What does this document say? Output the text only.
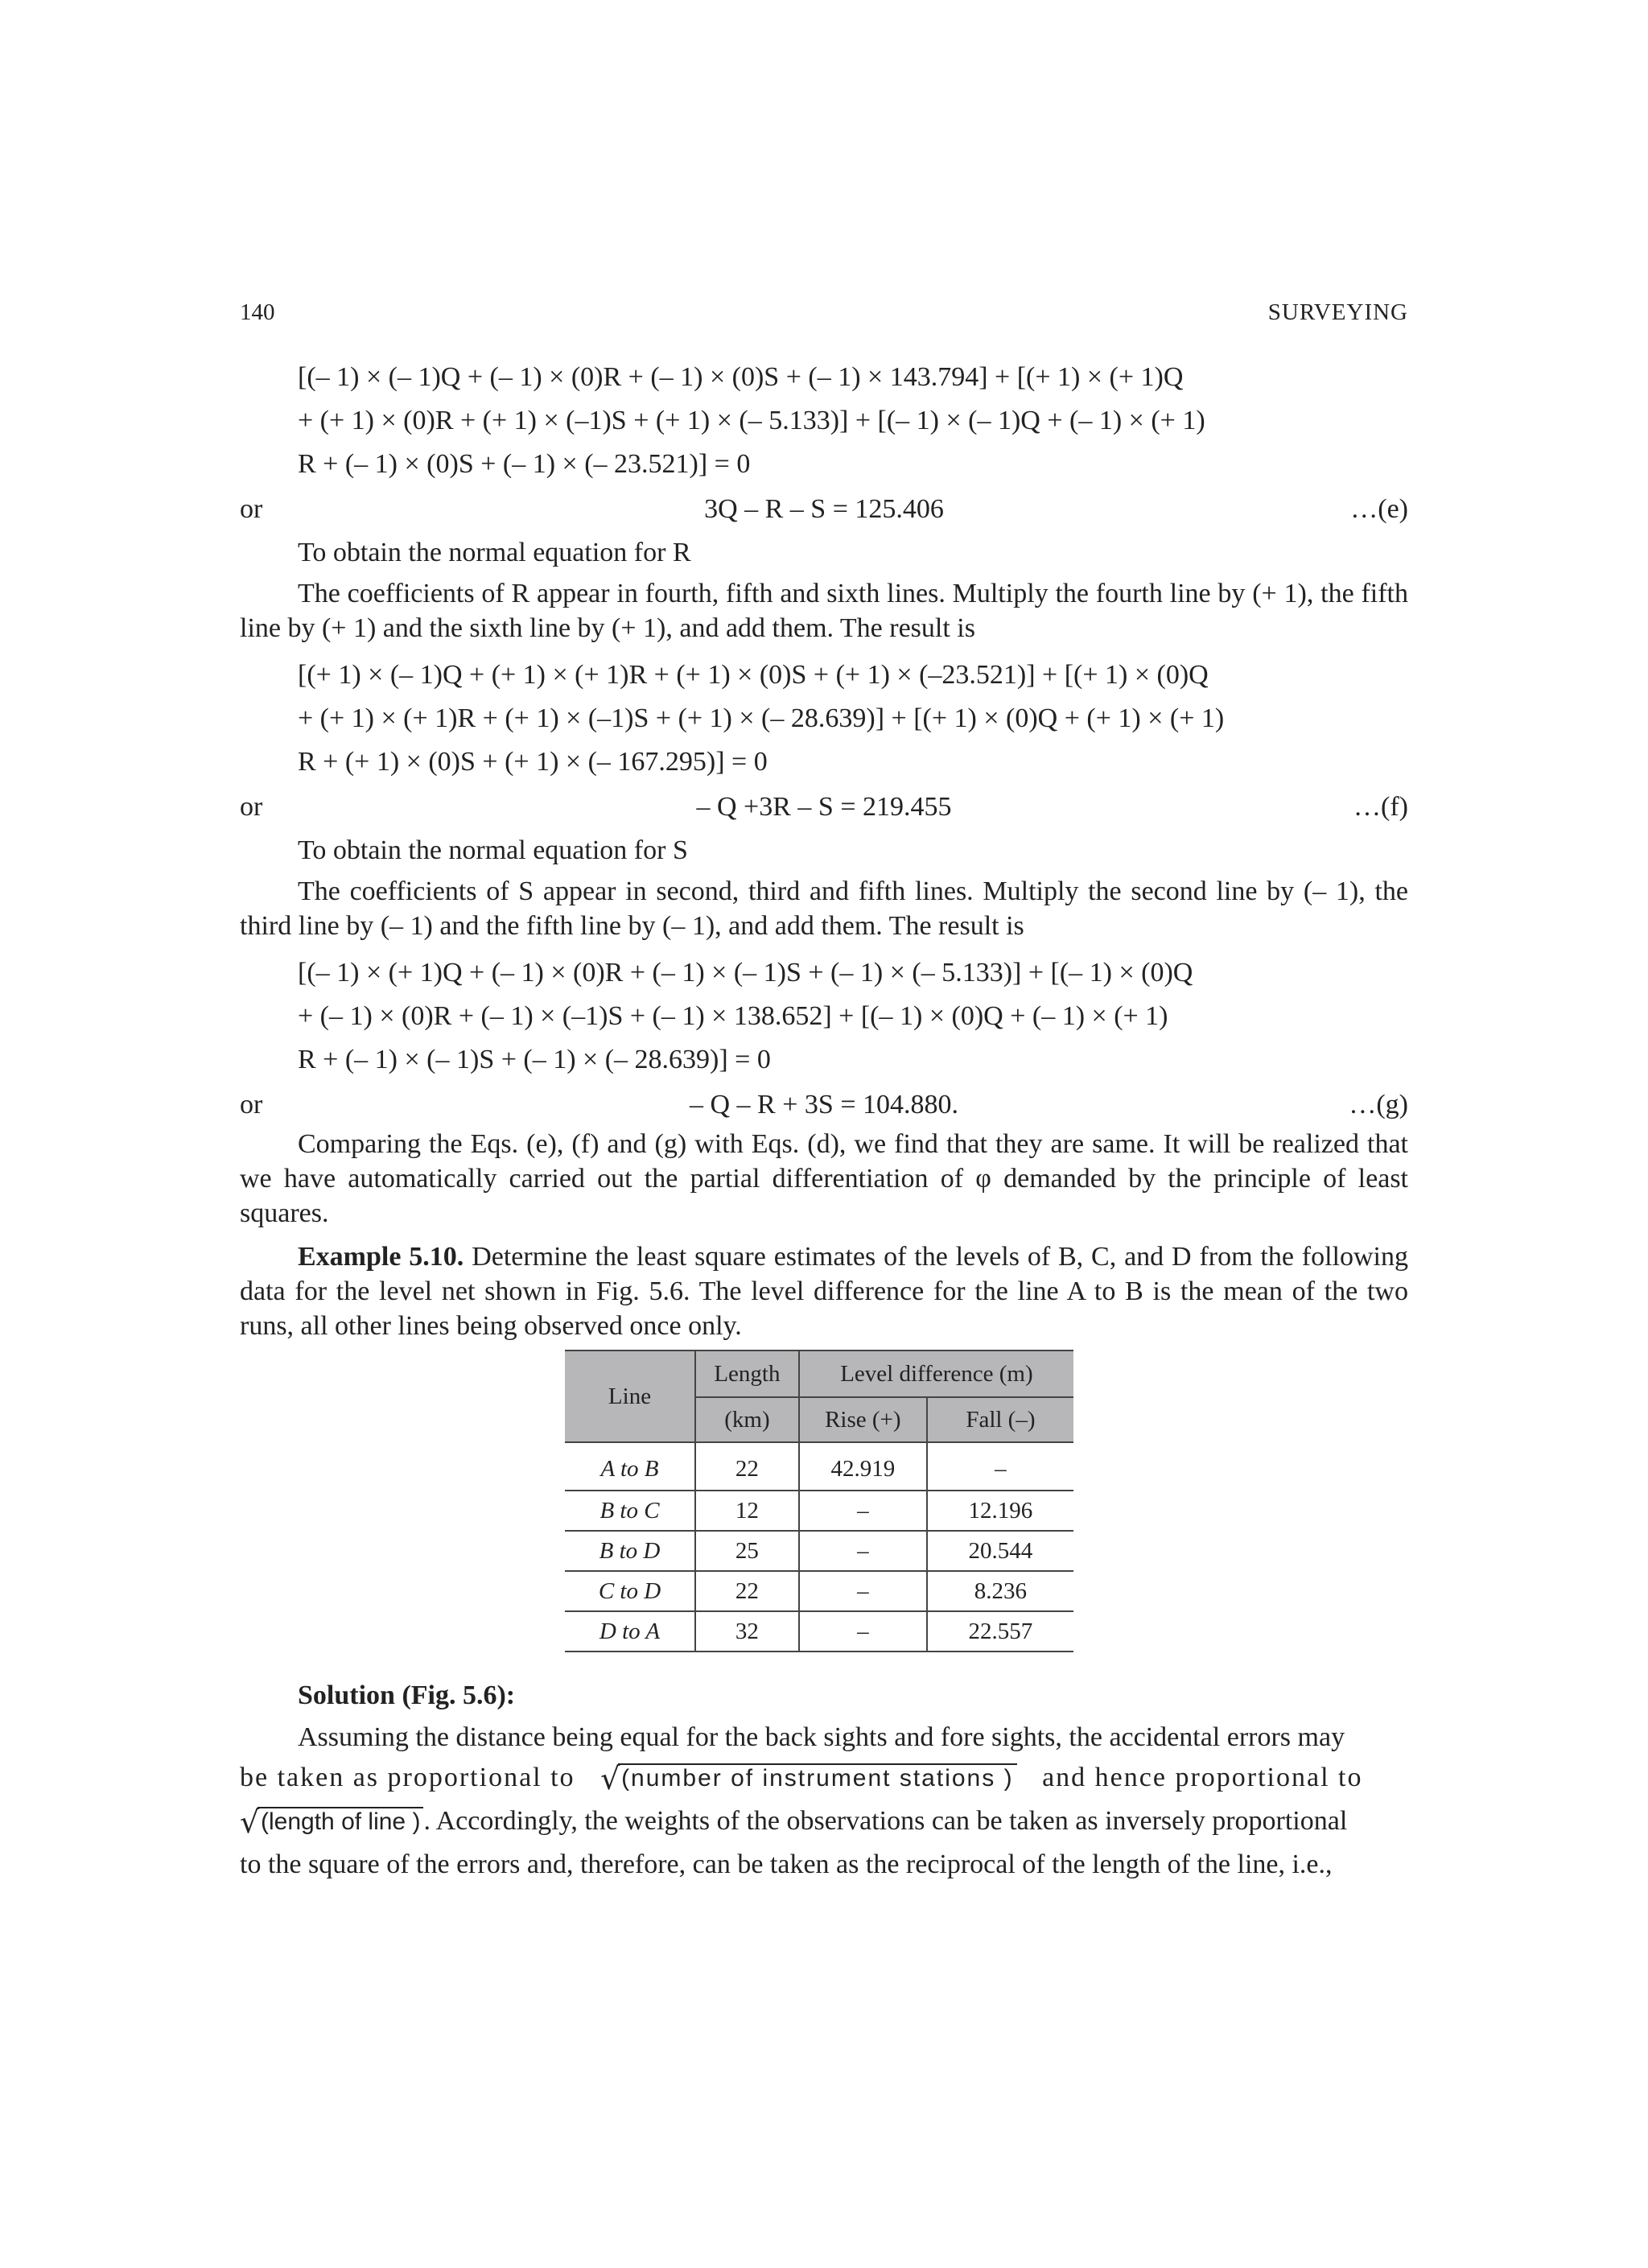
140	SURVEYING
[(– 1) × (– 1)Q + (– 1) × (0)R + (– 1) × (0)S + (– 1) × 143.794] + [(+ 1) × (+ 1)Q
+ (+ 1) × (0)R + (+ 1) × (–1)S + (+ 1) × (– 5.133)] + [(– 1) × (– 1)Q + (– 1) × (+ 1)
R + (– 1) × (0)S + (– 1) × (– 23.521)] = 0
or	3Q – R – S = 125.406	…(e)
To obtain the normal equation for R
The coefficients of R appear in fourth, fifth and sixth lines. Multiply the fourth line by (+ 1), the fifth line by (+ 1) and the sixth line by (+ 1), and add them. The result is
[(+ 1) × (– 1)Q + (+ 1) × (+ 1)R + (+ 1) × (0)S + (+ 1) × (–23.521)] + [(+ 1) × (0)Q
+ (+ 1) × (+ 1)R + (+ 1) × (–1)S + (+ 1) × (– 28.639)] + [(+ 1) × (0)Q + (+ 1) × (+ 1)
R + (+ 1) × (0)S + (+ 1) × (– 167.295)] = 0
or	– Q +3R – S = 219.455	…(f)
To obtain the normal equation for S
The coefficients of S appear in second, third and fifth lines. Multiply the second line by (– 1), the third line by (– 1) and the fifth line by (– 1), and add them. The result is
[(– 1) × (+ 1)Q + (– 1) × (0)R + (– 1) × (– 1)S + (– 1) × (– 5.133)] + [(– 1) × (0)Q
+ (– 1) × (0)R + (– 1) × (–1)S + (– 1) × 138.652] + [(– 1) × (0)Q + (– 1) × (+ 1)
R + (– 1) × (– 1)S + (– 1) × (– 28.639)] = 0
or	– Q – R + 3S = 104.880.	…(g)
Comparing the Eqs. (e), (f) and (g) with Eqs. (d), we find that they are same. It will be realized that we have automatically carried out the partial differentiation of φ demanded by the principle of least squares.
Example 5.10. Determine the least square estimates of the levels of B, C, and D from the following data for the level net shown in Fig. 5.6. The level difference for the line A to B is the mean of the two runs, all other lines being observed once only.
Line	Length	Level difference (m)	
	(km)	Rise (+)	Fall (–)
A to B	22	42.919	–
B to C	12	–	12.196
B to D	25	–	20.544
C to D	22	–	8.236
D to A	32	–	22.557
Solution (Fig. 5.6):
Assuming the distance being equal for the back sights and fore sights, the accidental errors may
be taken as proportional to √ (number of instrument stations ) and hence proportional to
√ (length of line ) . Accordingly, the weights of the observations can be taken as inversely proportional
to the square of the errors and, therefore, can be taken as the reciprocal of the length of the line, i.e.,
